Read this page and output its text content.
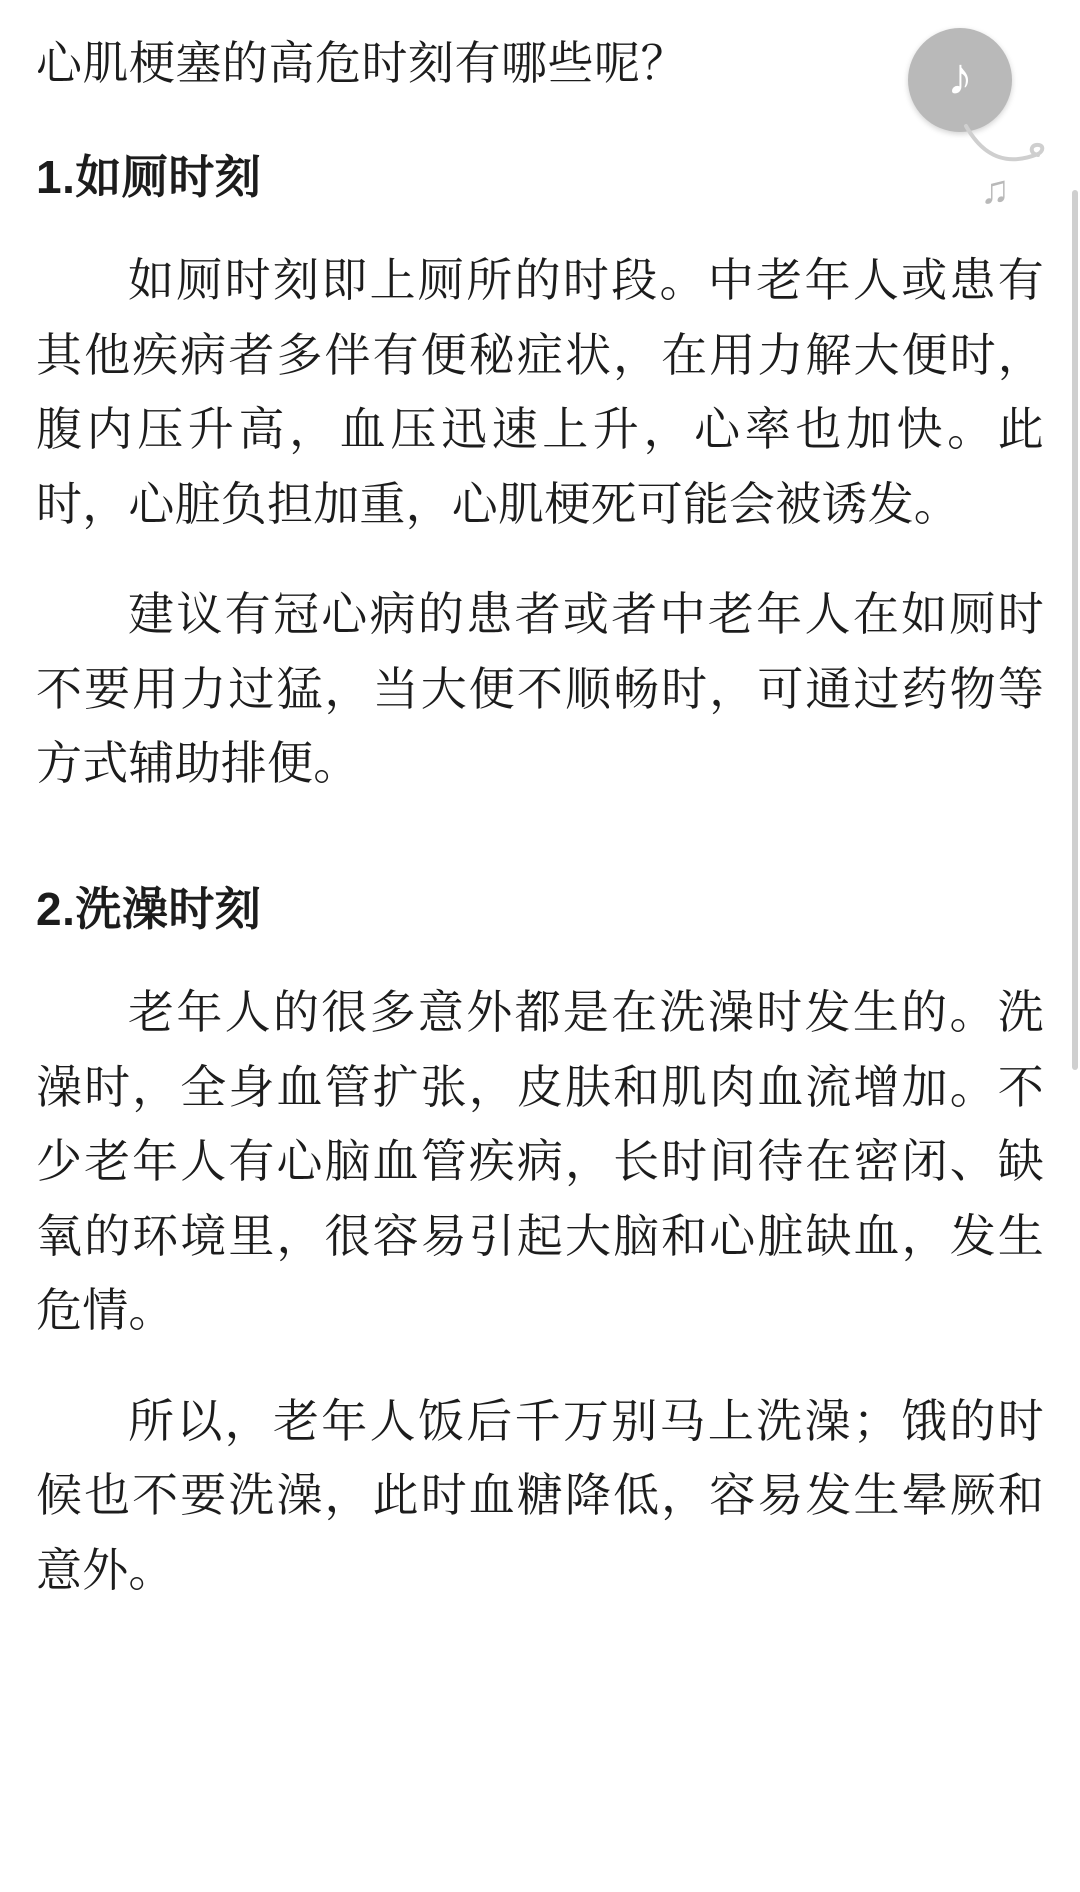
心肌梗塞的高危时刻有哪些呢？

1.如厕时刻

如厕时刻即上厕所的时段。中老年人或患有其他疾病者多伴有便秘症状，在用力解大便时，腹内压升高，血压迅速上升，心率也加快。此时，心脏负担加重，心肌梗死可能会被诱发。

建议有冠心病的患者或者中老年人在如厕时不要用力过猛，当大便不顺畅时，可通过药物等方式辅助排便。

2.洗澡时刻

老年人的很多意外都是在洗澡时发生的。洗澡时，全身血管扩张，皮肤和肌肉血流增加。不少老年人有心脑血管疾病，长时间待在密闭、缺氧的环境里，很容易引起大脑和心脏缺血，发生危情。

所以，老年人饭后千万别马上洗澡；饿的时候也不要洗澡，此时血糖降低，容易发生晕厥和意外。

♪
♫
